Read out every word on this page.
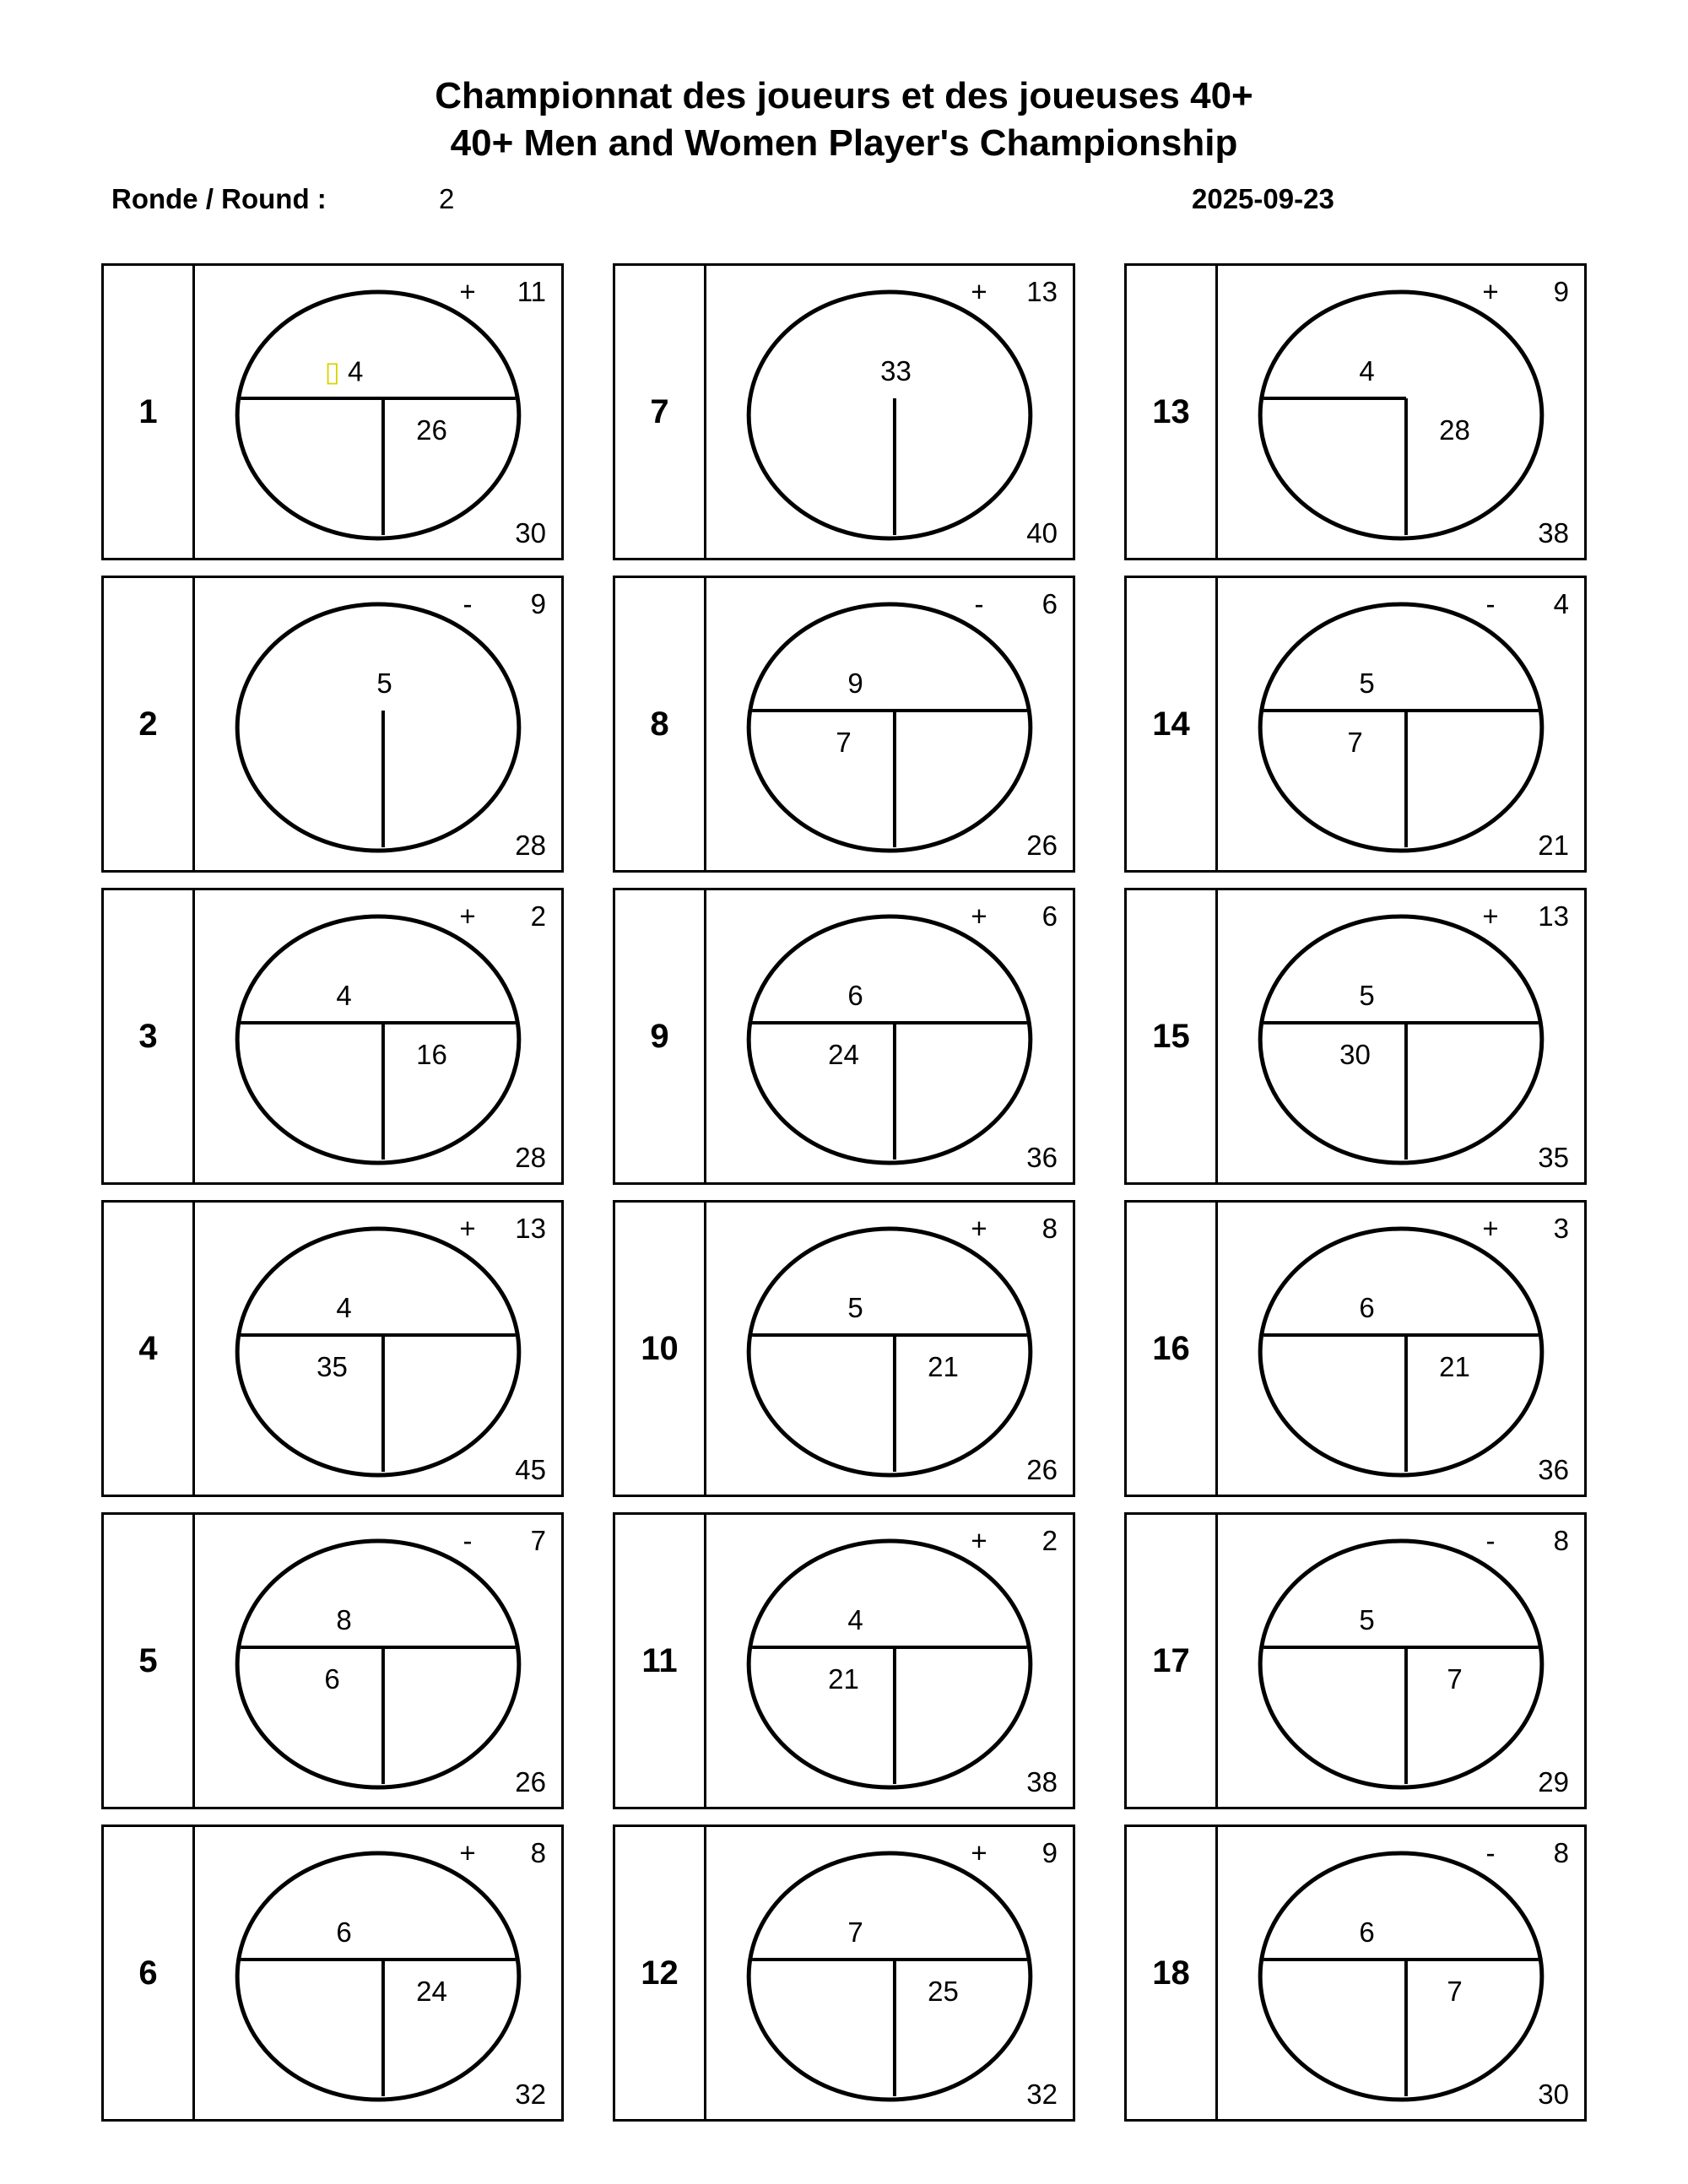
Championnat des joueurs et des joueuses 40+
40+ Men and Women Player's Championship
Ronde / Round :	2	2025-09-23
1
▯ 4
26
+	11
30
7
33
+	13
40
13
4
28
+	9
38
2
5
-	9
28
8
9
7
-	6
26
14
5
7
-	4
21
3
4
16
+	2
28
9
6
24
+	6
36
15
5
30
+	13
35
4
4
35
+	13
45
10
5
21
+	8
26
16
6
21
+	3
36
5
8
6
-	7
26
11
4
21
+	2
38
17
5
7
-	8
29
6
6
24
+	8
32
12
7
25
+	9
32
18
6
7
-	8
30
